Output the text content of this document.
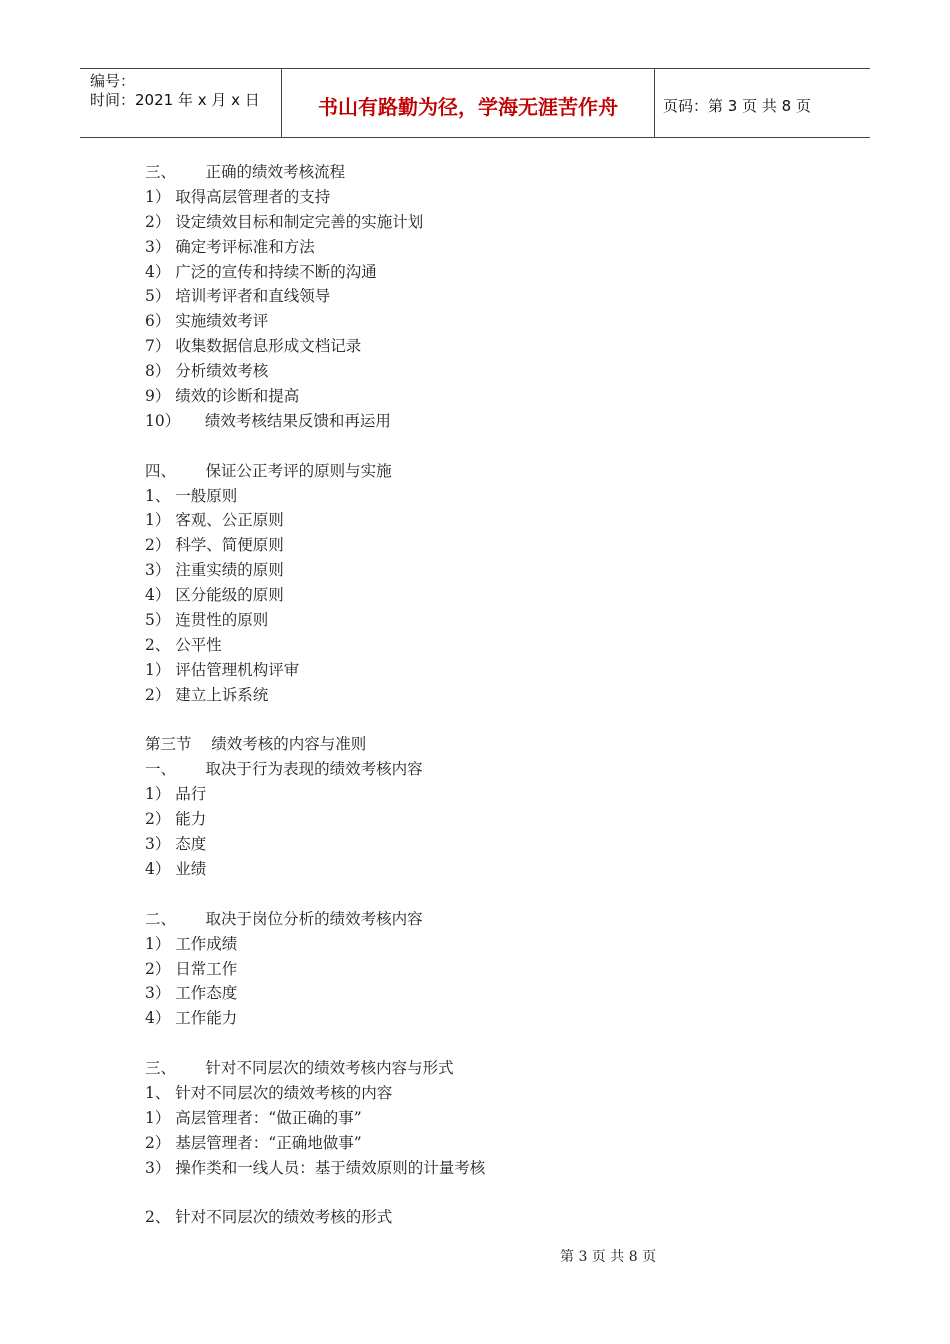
编号：
时间：2021 年 x 月 x 日	书山有路勤为径，学海无涯苦作舟	页码：第 3 页 共 8 页
三、      正确的绩效考核流程
1） 取得高层管理者的支持
2） 设定绩效目标和制定完善的实施计划
3） 确定考评标准和方法
4） 广泛的宣传和持续不断的沟通
5） 培训考评者和直线领导
6） 实施绩效考评
7） 收集数据信息形成文档记录
8） 分析绩效考核
9） 绩效的诊断和提高
10）     绩效考核结果反馈和再运用
四、      保证公正考评的原则与实施
1、 一般原则
1） 客观、公正原则
2） 科学、简便原则
3） 注重实绩的原则
4） 区分能级的原则
5） 连贯性的原则
2、 公平性
1） 评估管理机构评审
2） 建立上诉系统
第三节    绩效考核的内容与准则
一、      取决于行为表现的绩效考核内容
1） 品行
2） 能力
3） 态度
4） 业绩
二、      取决于岗位分析的绩效考核内容
1） 工作成绩
2） 日常工作
3） 工作态度
4） 工作能力
三、      针对不同层次的绩效考核内容与形式
1、 针对不同层次的绩效考核的内容
1） 高层管理者：“做正确的事”
2） 基层管理者：“正确地做事”
3） 操作类和一线人员：基于绩效原则的计量考核
2、 针对不同层次的绩效考核的形式
第 3 页 共 8 页
